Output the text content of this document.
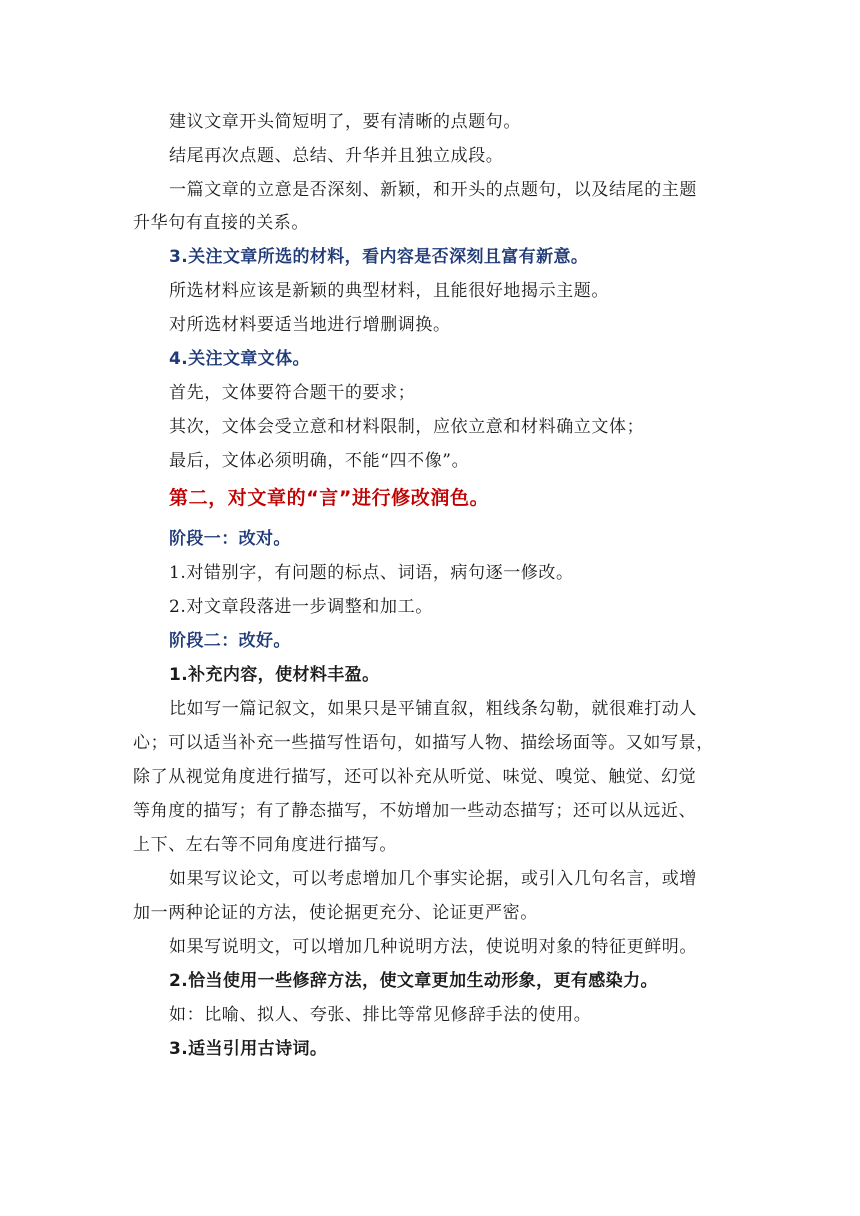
建议文章开头简短明了，要有清晰的点题句。
结尾再次点题、总结、升华并且独立成段。
一篇文章的立意是否深刻、新颖，和开头的点题句，以及结尾的主题
升华句有直接的关系。
3.关注文章所选的材料，看内容是否深刻且富有新意。
所选材料应该是新颖的典型材料，且能很好地揭示主题。
对所选材料要适当地进行增删调换。
4.关注文章文体。
首先，文体要符合题干的要求；
其次，文体会受立意和材料限制，应依立意和材料确立文体；
最后，文体必须明确，不能“四不像”。
第二，对文章的“言”进行修改润色。
阶段一：改对。
1.对错别字，有问题的标点、词语，病句逐一修改。
2.对文章段落进一步调整和加工。
阶段二：改好。
1.补充内容，使材料丰盈。
比如写一篇记叙文，如果只是平铺直叙，粗线条勾勒，就很难打动人
心；可以适当补充一些描写性语句，如描写人物、描绘场面等。又如写景，
除了从视觉角度进行描写，还可以补充从听觉、味觉、嗅觉、触觉、幻觉
等角度的描写；有了静态描写，不妨增加一些动态描写；还可以从远近、
上下、左右等不同角度进行描写。
如果写议论文，可以考虑增加几个事实论据，或引入几句名言，或增
加一两种论证的方法，使论据更充分、论证更严密。
如果写说明文，可以增加几种说明方法，使说明对象的特征更鲜明。
2.恰当使用一些修辞方法，使文章更加生动形象，更有感染力。
如：比喻、拟人、夸张、排比等常见修辞手法的使用。
3.适当引用古诗词。
